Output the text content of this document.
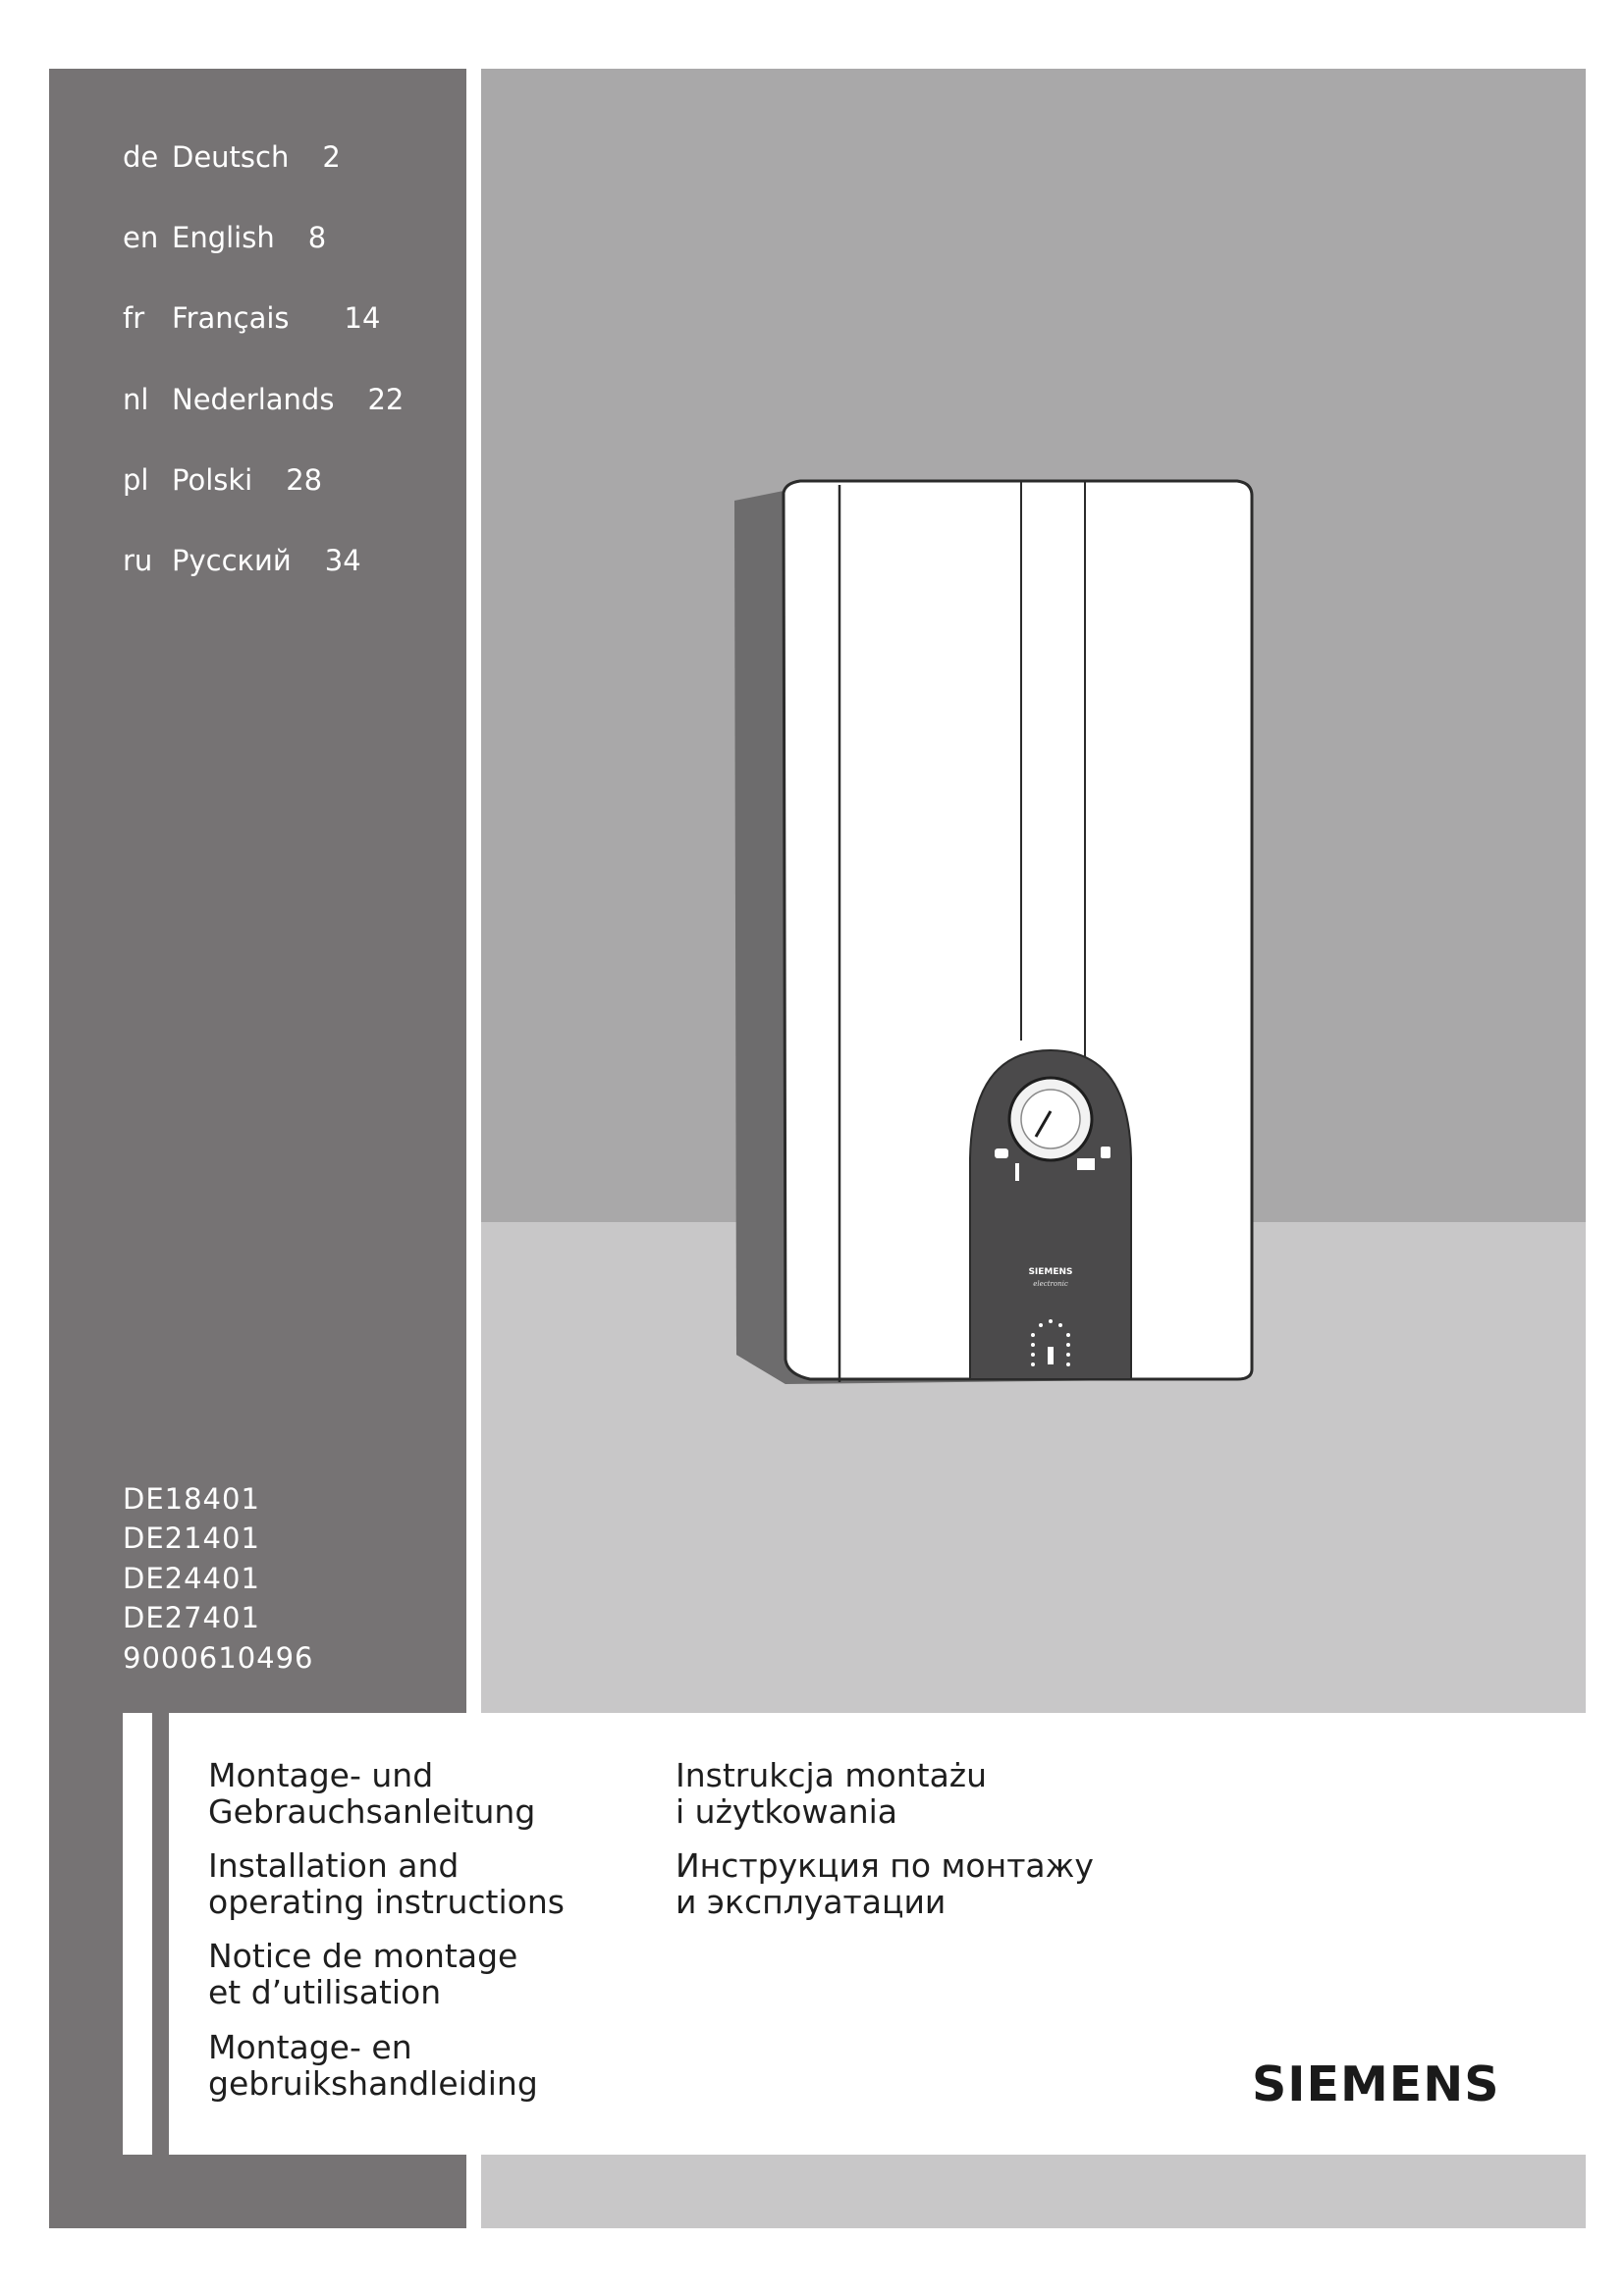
de Deutsch 2
en English 8
fr Français 14
nl Nederlands 22
pl Polski 28
ru Русский 34
DE18401
DE21401
DE24401
DE27401
9000610496
SIEMENS
electronic
Montage- und
Gebrauchsanleitung
Installation and
operating instructions
Notice de montage
et d’utilisation
Montage- en
gebruikshandleiding
Instrukcja montażu
i użytkowania
Инструкция по монтажу
и эксплуатации
SIEMENS
